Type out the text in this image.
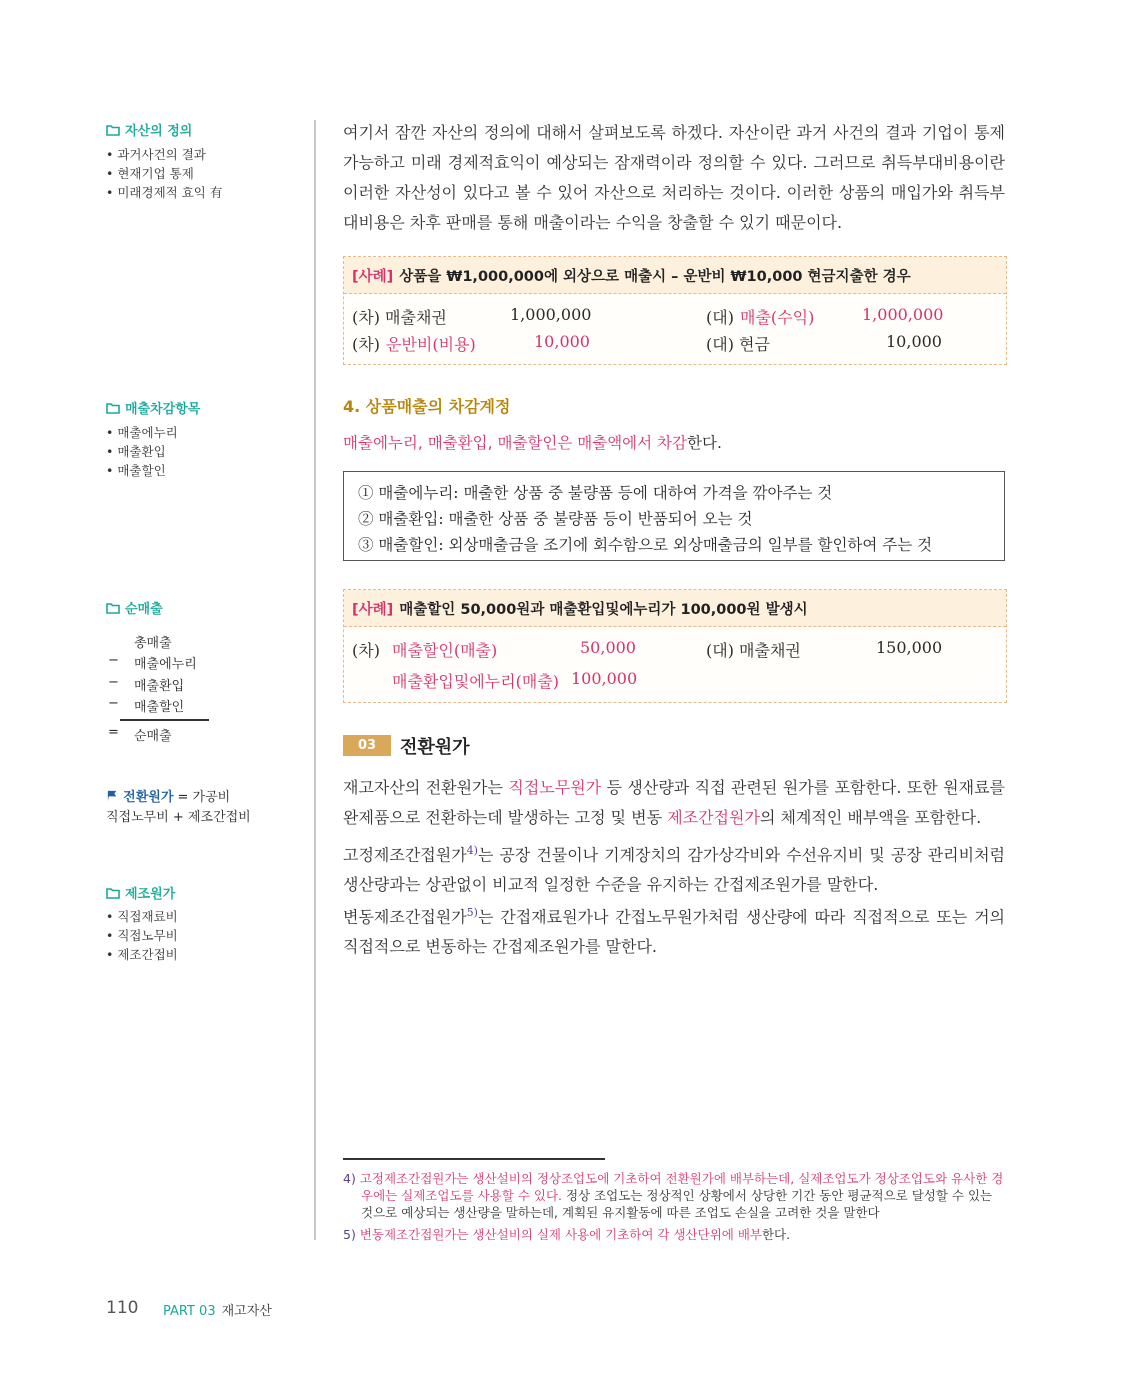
자산의 정의
• 과거사건의 결과
• 현재기업 통제
• 미래경제적 효익 有
매출차감항목
• 매출에누리
• 매출환입
• 매출할인
순매출
총매출
− 매출에누리
− 매출환입
− 매출할인
= 순매출
전환원가 = 가공비
직접노무비 + 제조간접비
제조원가
• 직접재료비
• 직접노무비
• 제조간접비
여기서 잠깐 자산의 정의에 대해서 살펴보도록 하겠다. 자산이란 과거 사건의 결과 기업이 통제 가능하고 미래 경제적효익이 예상되는 잠재력이라 정의할 수 있다. 그러므로 취득부대비용이란 이러한 자산성이 있다고 볼 수 있어 자산으로 처리하는 것이다. 이러한 상품의 매입가와 취득부대비용은 차후 판매를 통해 매출이라는 수익을 창출할 수 있기 때문이다.
[사례] 상품을 ₩1,000,000에 외상으로 매출시 – 운반비 ₩10,000 현금지출한 경우
(차) 매출채권	1,000,000	(대) 매출(수익)	1,000,000
(차) 운반비(비용)	10,000	(대) 현금	10,000
4. 상품매출의 차감계정
매출에누리, 매출환입, 매출할인은 매출액에서 차감한다.
① 매출에누리: 매출한 상품 중 불량품 등에 대하여 가격을 깎아주는 것
② 매출환입: 매출한 상품 중 불량품 등이 반품되어 오는 것
③ 매출할인: 외상매출금을 조기에 회수함으로 외상매출금의 일부를 할인하여 주는 것
[사례] 매출할인 50,000원과 매출환입및에누리가 100,000원 발생시
(차) 매출할인(매출)	50,000	(대) 매출채권	150,000
매출환입및에누리(매출) 100,000
03	전환원가

재고자산의 전환원가는 직접노무원가 등 생산량과 직접 관련된 원가를 포함한다. 또한 원재료를 완제품으로 전환하는데 발생하는 고정 및 변동 제조간접원가의 체계적인 배부액을 포함한다.

고정제조간접원가$^{4)}$는 공장 건물이나 기계장치의 감가상각비와 수선유지비 및 공장 관리비처럼 생산량과는 상관없이 비교적 일정한 수준을 유지하는 간접제조원가를 말한다.

변동제조간접원가$^{5)}$는 간접재료원가나 간접노무원가처럼 생산량에 따라 직접적으로 또는 거의 직접적으로 변동하는 간접제조원가를 말한다.

4) 고정제조간접원가는 생산설비의 정상조업도에 기초하여 전환원가에 배부하는데, 실제조업도가 정상조업도와 유사한 경우에는 실제조업도를 사용할 수 있다. 정상 조업도는 정상적인 상황에서 상당한 기간 동안 평균적으로 달성할 수 있는 것으로 예상되는 생산량을 말하는데, 계획된 유지활동에 따른 조업도 손실을 고려한 것을 말한다

5) 변동제조간접원가는 생산설비의 실제 사용에 기초하여 각 생산단위에 배부한다.

110 PART 03 재고자산
